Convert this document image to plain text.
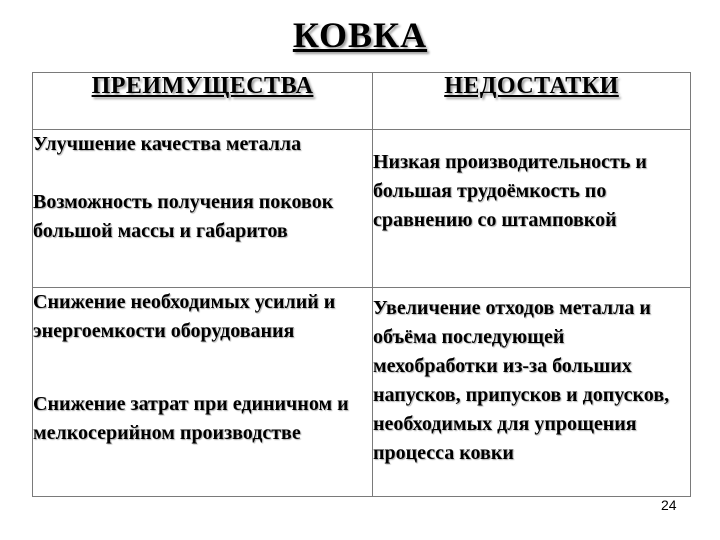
КОВКА
ПРЕИМУЩЕСТВА	НЕДОСТАТКИ

Улучшение качества металла
Возможность получения поковок большой массы и габаритов	Низкая производительность и большая трудоёмкость по сравнению со штамповкой

Снижение необходимых усилий и энергоемкости оборудования
Снижение затрат при единичном и мелкосерийном производстве	Увеличение отходов металла и объёма последующей мехобработки из-за больших напусков, припусков и допусков, необходимых для упрощения процесса ковки
24
